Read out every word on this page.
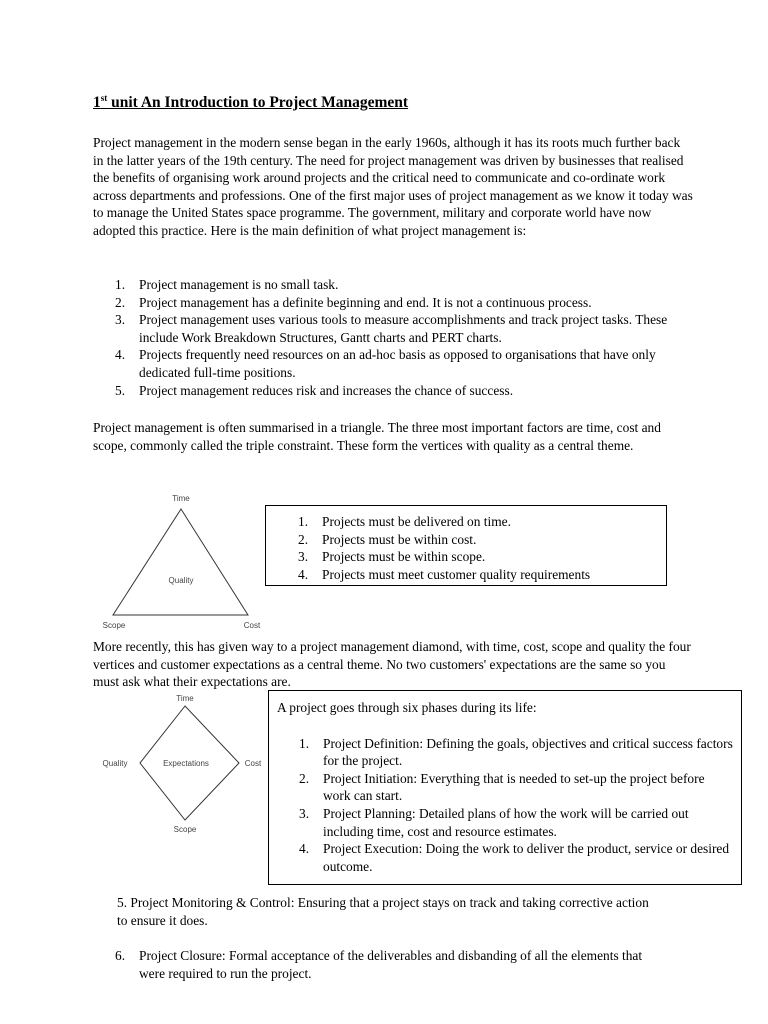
1st unit An Introduction to Project Management

Project management in the modern sense began in the early 1960s, although it has its roots much further back in the latter years of the 19th century. The need for project management was driven by businesses that realised the benefits of organising work around projects and the critical need to communicate and co-ordinate work across departments and professions. One of the first major uses of project management as we know it today was to manage the United States space programme. The government, military and corporate world have now adopted this practice. Here is the main definition of what project management is:

1. Project management is no small task.
2. Project management has a definite beginning and end. It is not a continuous process.
3. Project management uses various tools to measure accomplishments and track project tasks. These include Work Breakdown Structures, Gantt charts and PERT charts.
4. Projects frequently need resources on an ad-hoc basis as opposed to organisations that have only dedicated full-time positions.
5. Project management reduces risk and increases the chance of success.

Project management is often summarised in a triangle. The three most important factors are time, cost and scope, commonly called the triple constraint. These form the vertices with quality as a central theme.

Time
Scope	Cost
Quality
1. Projects must be delivered on time.
2. Projects must be within cost.
3. Projects must be within scope.
4. Projects must meet customer quality requirements

More recently, this has given way to a project management diamond, with time, cost, scope and quality the four vertices and customer expectations as a central theme. No two customers' expectations are the same so you must ask what their expectations are.

Time
Quality	Cost
Scope
Expectations

A project goes through six phases during its life:

1. Project Definition: Defining the goals, objectives and critical success factors for the project.
2. Project Initiation: Everything that is needed to set-up the project before work can start.
3. Project Planning: Detailed plans of how the work will be carried out including time, cost and resource estimates.
4. Project Execution: Doing the work to deliver the product, service or desired outcome.

5. Project Monitoring & Control: Ensuring that a project stays on track and taking corrective action to ensure it does.

6. Project Closure: Formal acceptance of the deliverables and disbanding of all the elements that were required to run the project.
